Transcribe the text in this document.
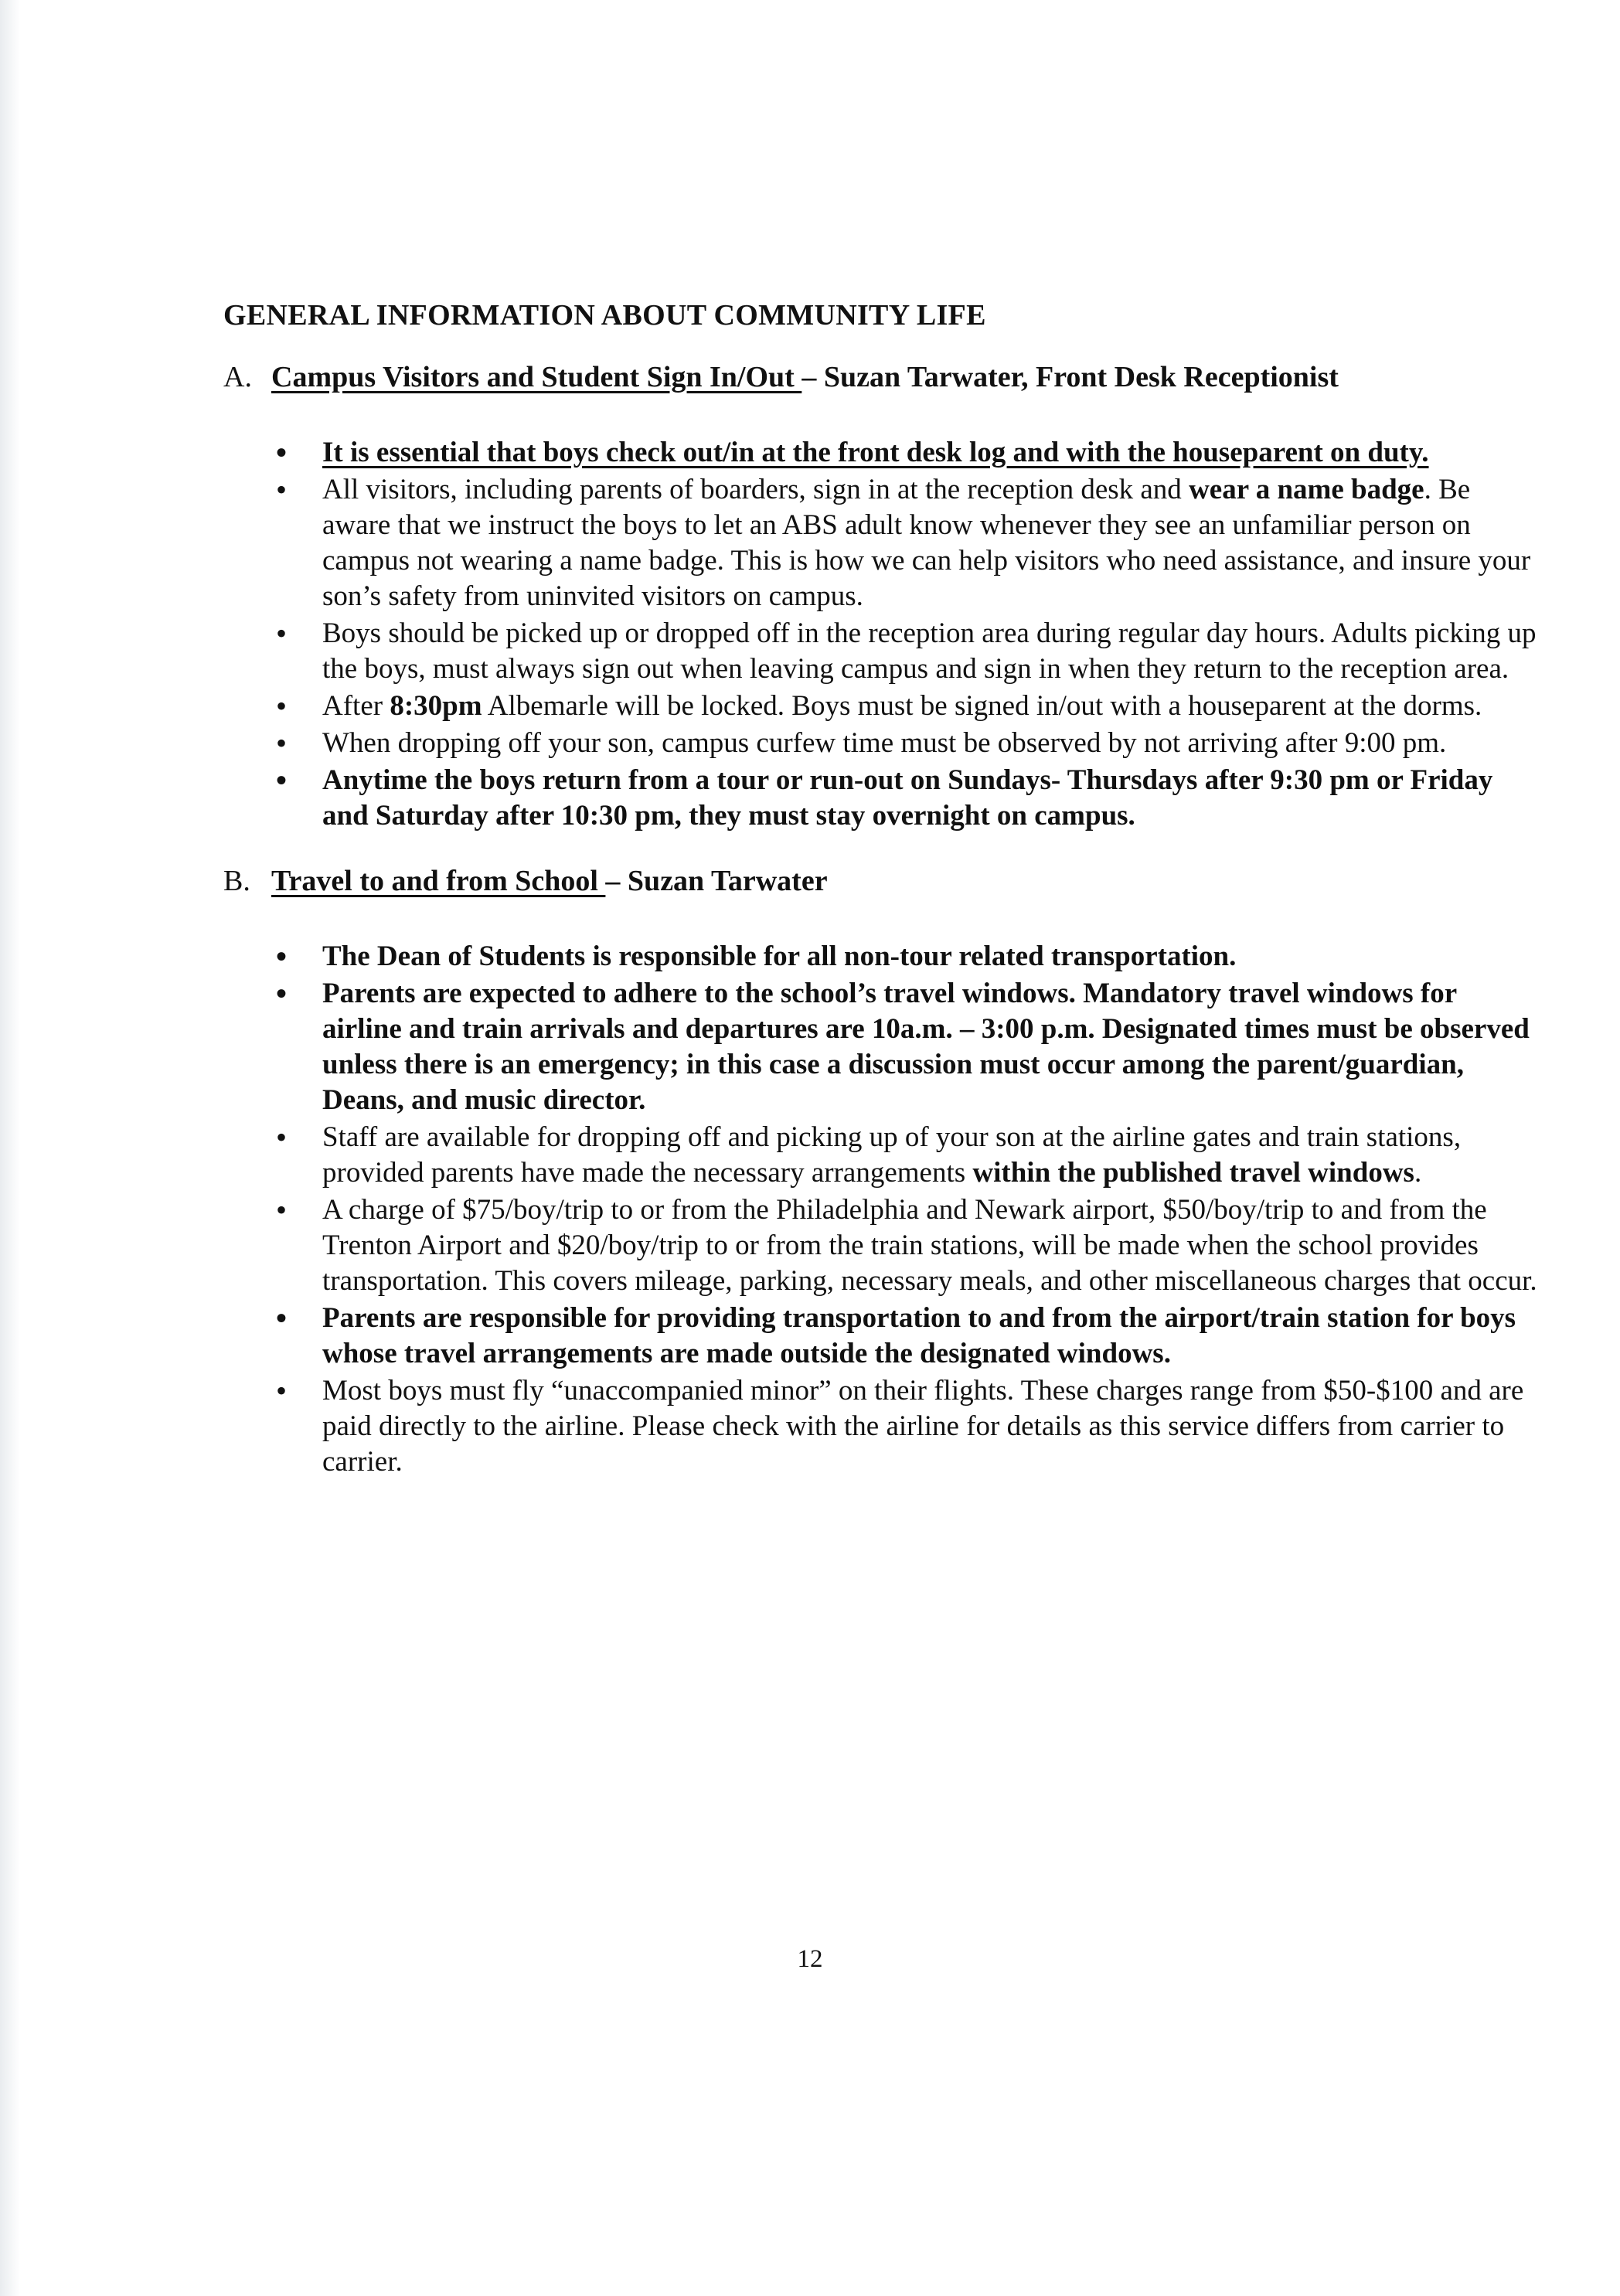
GENERAL INFORMATION ABOUT COMMUNITY LIFE

A. Campus Visitors and Student Sign In/Out – Suzan Tarwater, Front Desk Receptionist

• It is essential that boys check out/in at the front desk log and with the houseparent on duty.
• All visitors, including parents of boarders, sign in at the reception desk and wear a name badge. Be aware that we instruct the boys to let an ABS adult know whenever they see an unfamiliar person on campus not wearing a name badge. This is how we can help visitors who need assistance, and insure your son’s safety from uninvited visitors on campus.
• Boys should be picked up or dropped off in the reception area during regular day hours. Adults picking up the boys, must always sign out when leaving campus and sign in when they return to the reception area.
• After 8:30pm Albemarle will be locked. Boys must be signed in/out with a houseparent at the dorms.
• When dropping off your son, campus curfew time must be observed by not arriving after 9:00 pm.
• Anytime the boys return from a tour or run-out on Sundays- Thursdays after 9:30 pm or Friday and Saturday after 10:30 pm, they must stay overnight on campus.

B. Travel to and from School – Suzan Tarwater

• The Dean of Students is responsible for all non-tour related transportation.
• Parents are expected to adhere to the school’s travel windows. Mandatory travel windows for airline and train arrivals and departures are 10a.m. – 3:00 p.m. Designated times must be observed unless there is an emergency; in this case a discussion must occur among the parent/guardian, Deans, and music director.
• Staff are available for dropping off and picking up of your son at the airline gates and train stations, provided parents have made the necessary arrangements within the published travel windows.
• A charge of $75/boy/trip to or from the Philadelphia and Newark airport, $50/boy/trip to and from the Trenton Airport and $20/boy/trip to or from the train stations, will be made when the school provides transportation. This covers mileage, parking, necessary meals, and other miscellaneous charges that occur.
• Parents are responsible for providing transportation to and from the airport/train station for boys whose travel arrangements are made outside the designated windows.
• Most boys must fly “unaccompanied minor” on their flights. These charges range from $50-$100 and are paid directly to the airline. Please check with the airline for details as this service differs from carrier to carrier.
12
